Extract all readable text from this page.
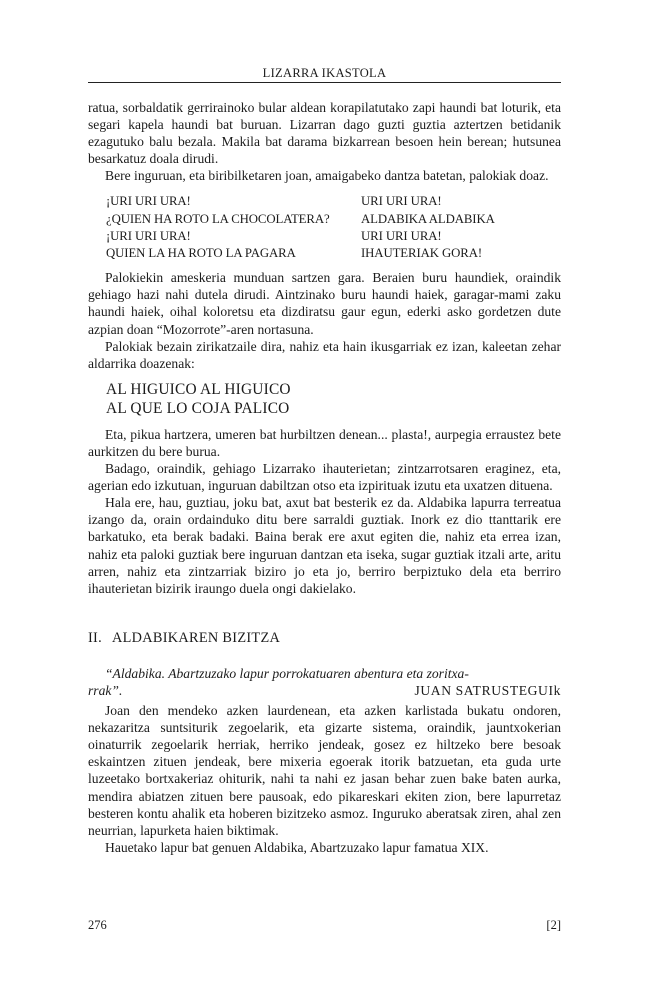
LIZARRA IKASTOLA

ratua, sorbaldatik gerrirainoko bular aldean korapilatutako zapi haundi bat loturik, eta segari kapela haundi bat buruan. Lizarran dago guzti guztia aztertzen betidanik ezagutuko balu bezala. Makila bat darama bizkarrean besoen hein berean; hutsunea besarkatuz doala dirudi.

Bere inguruan, eta biribilketaren joan, amaigabeko dantza batetan, palokiak doaz.

¡URI URI URA!	URI URI URA!
¿QUIEN HA ROTO LA CHOCOLATERA?	ALDABIKA ALDABIKA
¡URI URI URA!	URI URI URA!
QUIEN LA HA ROTO LA PAGARA	IHAUTERIAK GORA!

Palokiekin ameskeria munduan sartzen gara. Beraien buru haundiek, oraindik gehiago hazi nahi dutela dirudi. Aintzinako buru haundi haiek, garagar-mami zaku haundi haiek, oihal koloretsu eta dizdiratsu gaur egun, ederki asko gordetzen dute azpian doan “Mozorrote”-aren nortasuna.

Palokiak bezain zirikatzaile dira, nahiz eta hain ikusgarriak ez izan, kaleetan zehar aldarrika doazenak:

AL HIGUICO AL HIGUICO
AL QUE LO COJA PALICO

Eta, pikua hartzera, umeren bat hurbiltzen denean... plasta!, aurpegia erraustez bete aurkitzen du bere burua.

Badago, oraindik, gehiago Lizarrako ihauterietan; zintzarrotsaren eraginez, eta, agerian edo izkutuan, inguruan dabiltzan otso eta izpirituak izutu eta uxatzen dituena.

Hala ere, hau, guztiau, joku bat, axut bat besterik ez da. Aldabika lapurra terreatua izango da, orain ordainduko ditu bere sarraldi guztiak. Inork ez dio ttanttarik ere barkatuko, eta berak badaki. Baina berak ere axut egiten die, nahiz eta errea izan, nahiz eta paloki guztiak bere inguruan dantzan eta iseka, sugar guztiak itzali arte, aritu arren, nahiz eta zintzarriak biziro jo eta jo, berriro berpiztuko dela eta berriro ihauterietan bizirik iraungo duela ongi dakielako.

II. ALDABIKAREN BIZITZA
“Aldabika. Abartzuzako lapur porrokatuaren abentura eta zoritxa-
rrak”.	JUAN SATRUSTEGUIk

Joan den mendeko azken laurdenean, eta azken karlistada bukatu ondoren, nekazaritza suntsiturik zegoelarik, eta gizarte sistema, oraindik, jauntxokerian oinaturrik zegoelarik herriak, herriko jendeak, gosez ez hiltzeko bere besoak eskaintzen zituen jendeak, bere mixeria egoerak itorik batzuetan, eta guda urte luzeetako bortxakeriaz ohiturik, nahi ta nahi ez jasan behar zuen bake baten aurka, mendira abiatzen zituen bere pausoak, edo pikareskari ekiten zion, bere lapurretaz besteren kontu ahalik eta hoberen bizitzeko asmoz. Inguruko aberatsak ziren, ahal zen neurrian, lapurketa haien biktimak.

Hauetako lapur bat genuen Aldabika, Abartzuzako lapur famatua XIX.

276	[2]
